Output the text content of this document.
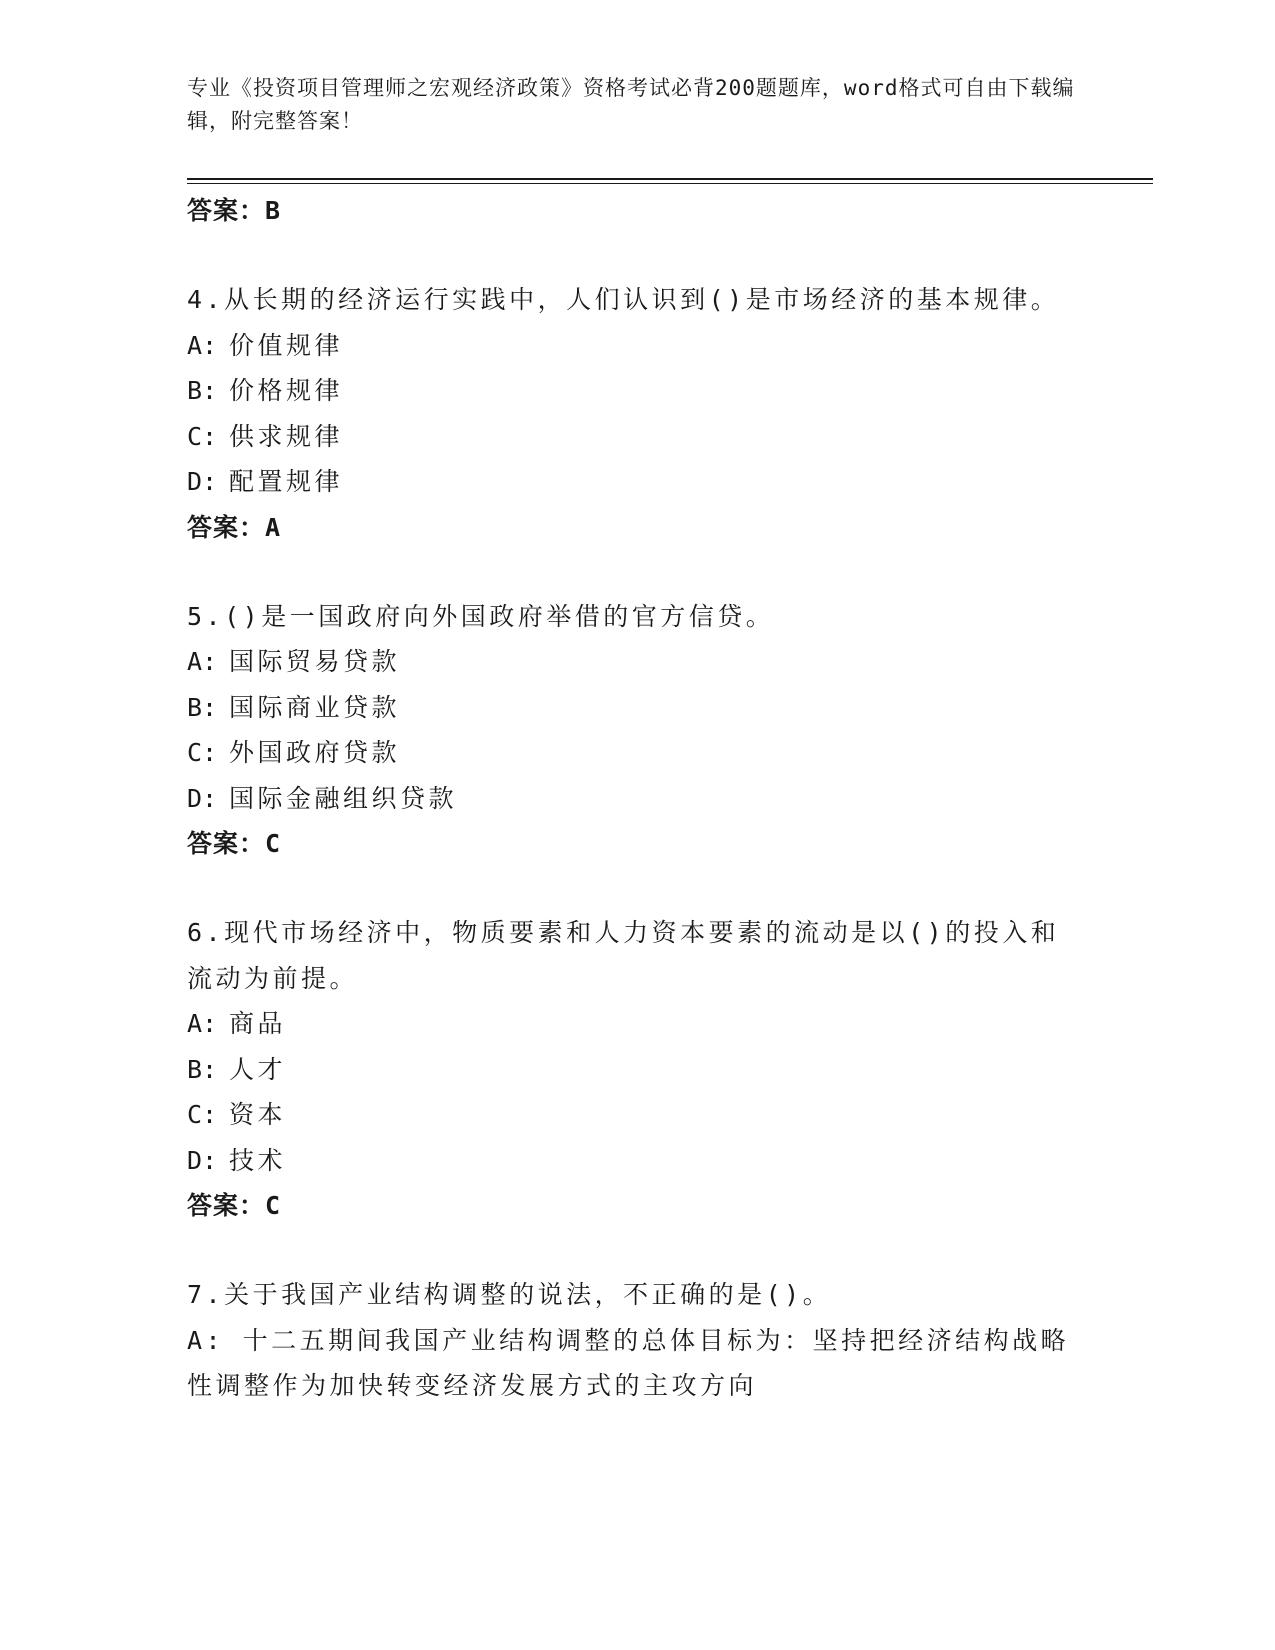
专业《投资项目管理师之宏观经济政策》资格考试必背200题题库，word格式可自由下载编辑，附完整答案！
答案：B
4.从长期的经济运行实践中，人们认识到()是市场经济的基本规律。
A: 价值规律
B: 价格规律
C: 供求规律
D: 配置规律
答案：A
5.()是一国政府向外国政府举借的官方信贷。
A: 国际贸易贷款
B: 国际商业贷款
C: 外国政府贷款
D: 国际金融组织贷款
答案：C
6.现代市场经济中，物质要素和人力资本要素的流动是以()的投入和流动为前提。
A: 商品
B: 人才
C: 资本
D: 技术
答案：C
7.关于我国产业结构调整的说法，不正确的是()。
A: 十二五期间我国产业结构调整的总体目标为：坚持把经济结构战略性调整作为加快转变经济发展方式的主攻方向
